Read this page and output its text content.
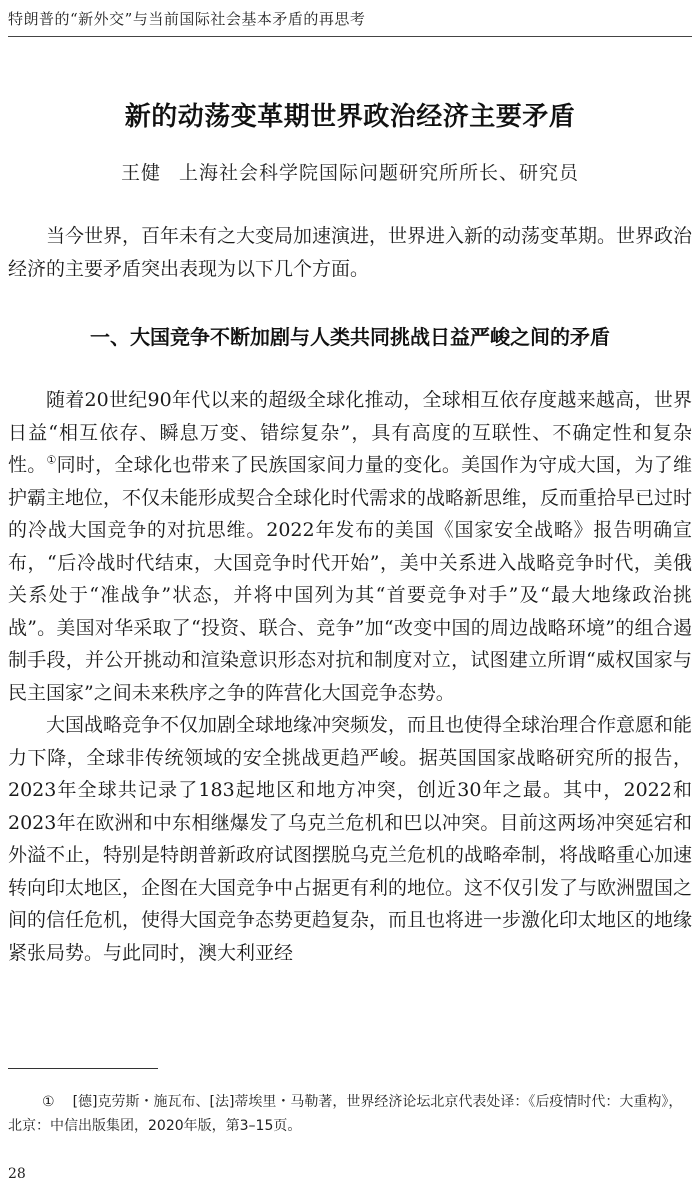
特朗普的“新外交”与当前国际社会基本矛盾的再思考
新的动荡变革期世界政治经济主要矛盾
王健 上海社会科学院国际问题研究所所长、研究员

当今世界，百年未有之大变局加速演进，世界进入新的动荡变革期。世界政治经济的主要矛盾突出表现为以下几个方面。

一、大国竞争不断加剧与人类共同挑战日益严峻之间的矛盾

随着20世纪90年代以来的超级全球化推动，全球相互依存度越来越高，世界日益“相互依存、瞬息万变、错综复杂”，具有高度的互联性、不确定性和复杂性。①同时，全球化也带来了民族国家间力量的变化。美国作为守成大国，为了维护霸主地位，不仅未能形成契合全球化时代需求的战略新思维，反而重拾早已过时的冷战大国竞争的对抗思维。2022年发布的美国《国家安全战略》报告明确宣布，“后冷战时代结束，大国竞争时代开始”，美中关系进入战略竞争时代，美俄关系处于“准战争”状态，并将中国列为其“首要竞争对手”及“最大地缘政治挑战”。美国对华采取了“投资、联合、竞争”加“改变中国的周边战略环境”的组合遏制手段，并公开挑动和渲染意识形态对抗和制度对立，试图建立所谓“威权国家与民主国家”之间未来秩序之争的阵营化大国竞争态势。

大国战略竞争不仅加剧全球地缘冲突频发，而且也使得全球治理合作意愿和能力下降，全球非传统领域的安全挑战更趋严峻。据英国国家战略研究所的报告，2023年全球共记录了183起地区和地方冲突，创近30年之最。其中，2022和2023年在欧洲和中东相继爆发了乌克兰危机和巴以冲突。目前这两场冲突延宕和外溢不止，特别是特朗普新政府试图摆脱乌克兰危机的战略牵制，将战略重心加速转向印太地区，企图在大国竞争中占据更有利的地位。这不仅引发了与欧洲盟国之间的信任危机，使得大国竞争态势更趋复杂，而且也将进一步激化印太地区的地缘紧张局势。与此同时，澳大利亚经

① [德]克劳斯・施瓦布、[法]蒂埃里・马勒著，世界经济论坛北京代表处译：《后疫情时代：大重构》，北京：中信出版集团，2020年版，第3–15页。
28
